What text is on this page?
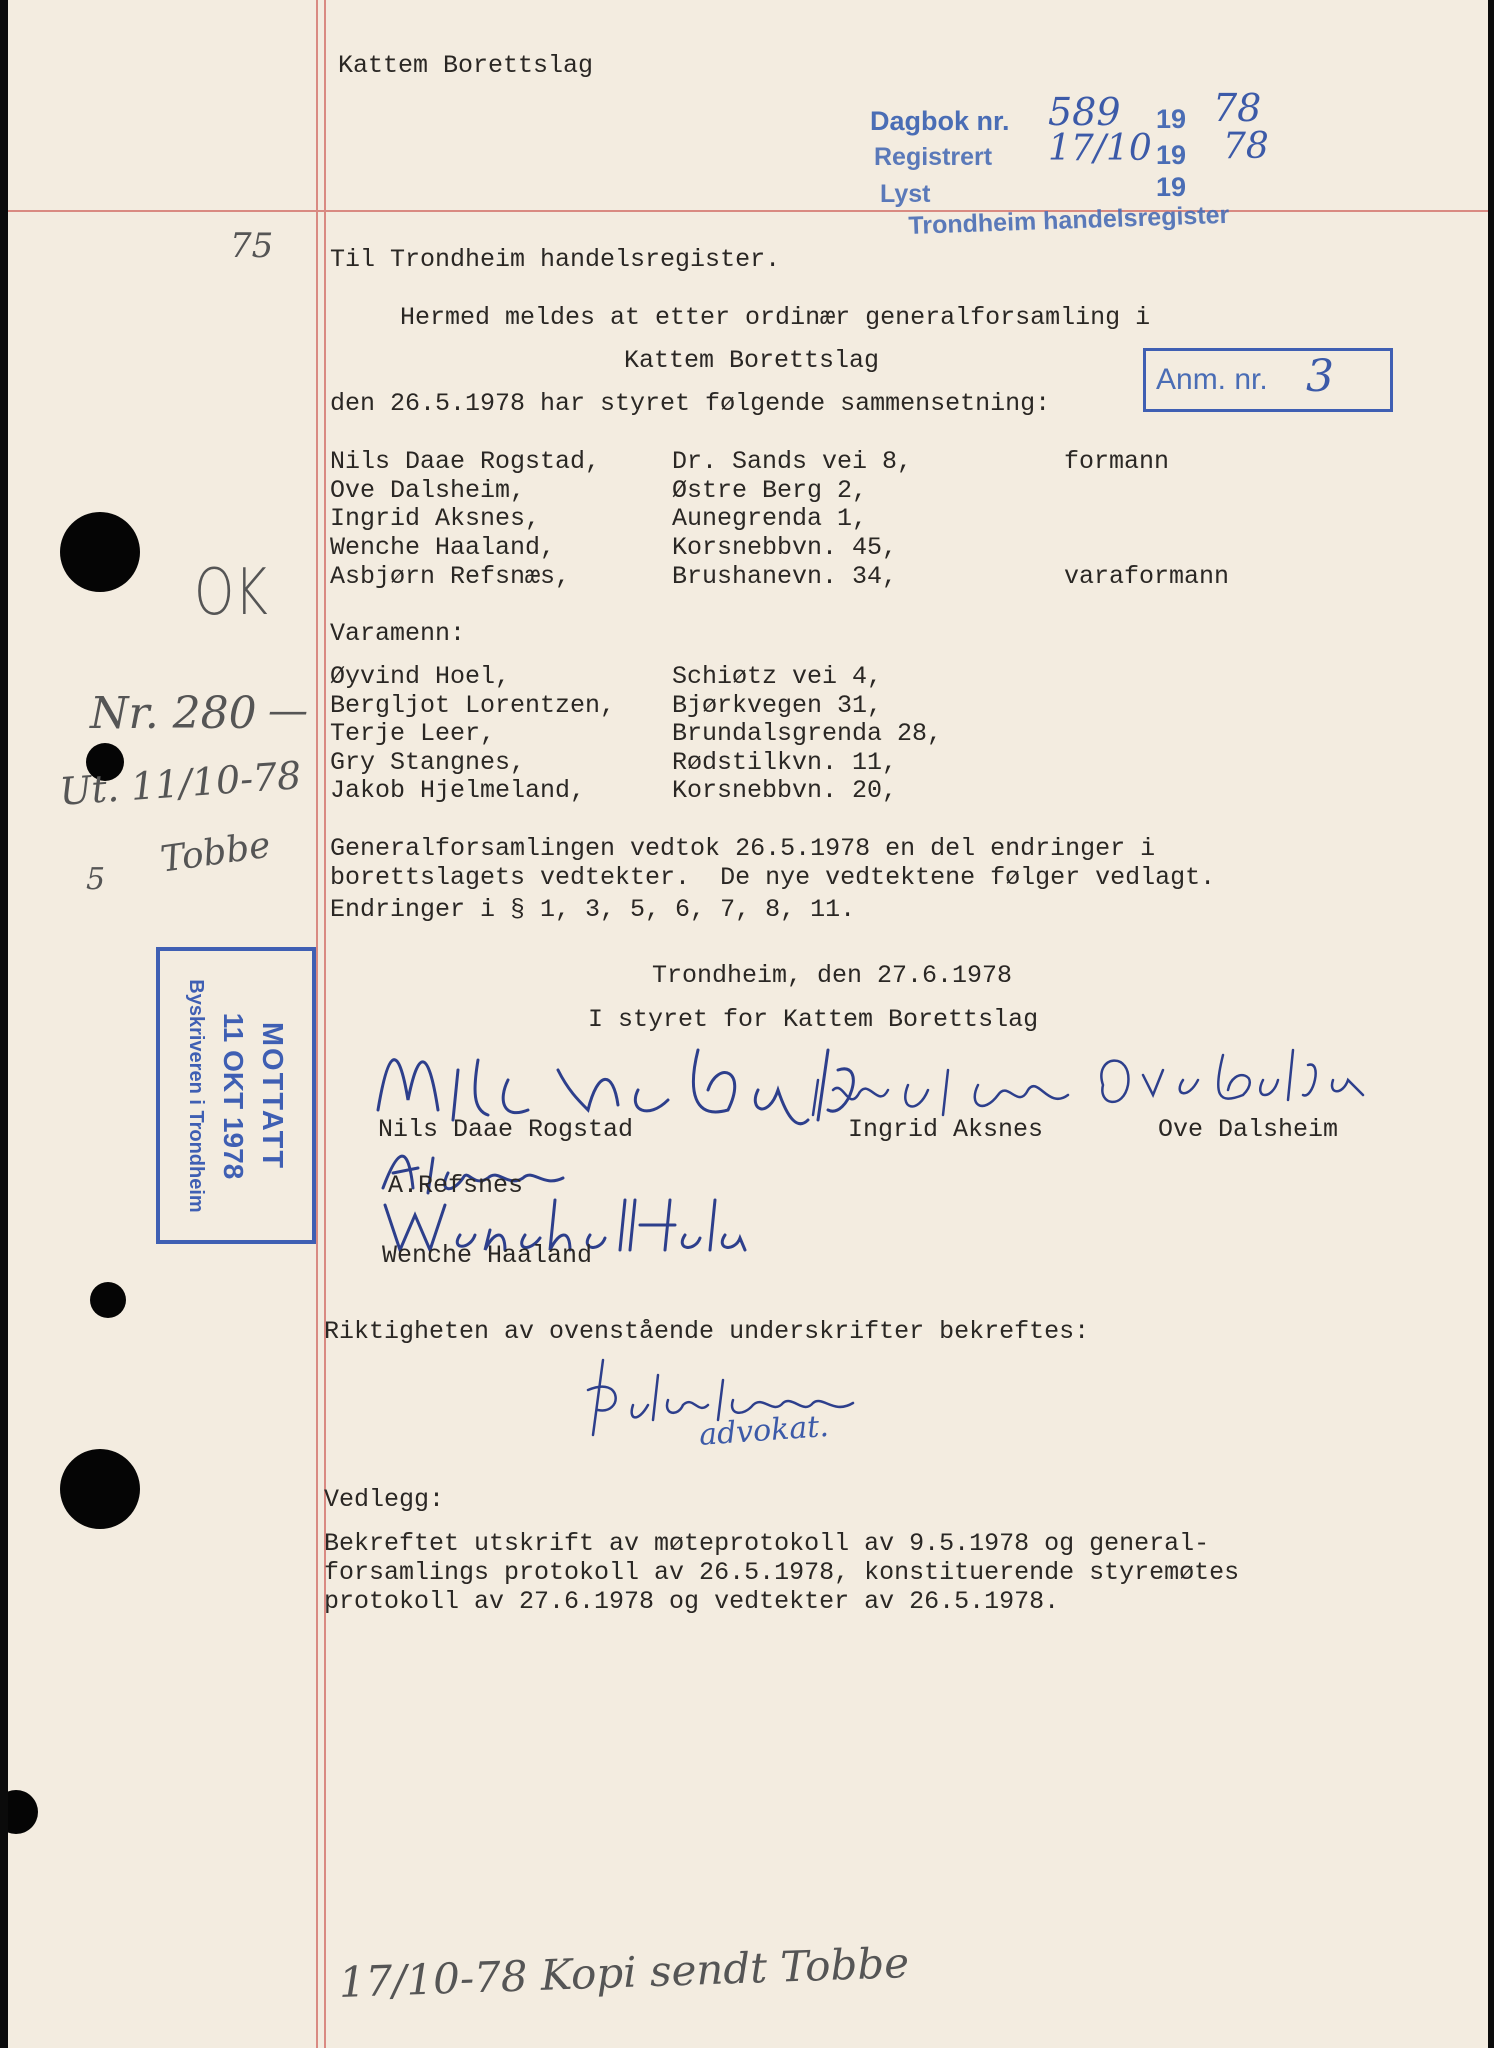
Kattem Borettslag
Dagbok nr. 589 19 78
Registrert 17/10 19 78
Lyst	19
Trondheim handelsregister
Anm. nr. 3
75
OK
Nr. 280 —
Ut. 11/10-78
5 Tobbe
MOTTATT
11 OKT 1978
Byskriveren i Trondheim
Til Trondheim handelsregister.
Hermed meldes at etter ordinær generalforsamling i
Kattem Borettslag
den 26.5.1978 har styret følgende sammensetning:
Nils Daae Rogstad,	Dr. Sands vei 8,	formann
Ove Dalsheim,	Østre Berg 2,
Ingrid Aksnes,	Aunegrenda 1,
Wenche Haaland,	Korsnebbvn. 45,
Asbjørn Refsnæs,	Brushanevn. 34,	varaformann
Varamenn:
Øyvind Hoel,	Schiøtz vei 4,
Bergljot Lorentzen, Bjørkvegen 31,
Terje Leer,	Brundalsgrenda 28,
Gry Stangnes,	Rødstilkvn. 11,
Jakob Hjelmeland,	Korsnebbvn. 20,
Generalforsamlingen vedtok 26.5.1978 en del endringer i
borettslagets vedtekter.  De nye vedtektene følger vedlagt.
Endringer i § 1, 3, 5, 6, 7, 8, 11.
Trondheim, den 27.6.1978
I styret for Kattem Borettslag
Nils Daae Rogstad	Ingrid Aksnes	Ove Dalsheim
A.Refsnes
Wenche Haaland
Riktigheten av ovenstående underskrifter bekreftes:
advokat.
Vedlegg:
Bekreftet utskrift av møteprotokoll av 9.5.1978 og general-
forsamlings protokoll av 26.5.1978, konstituerende styremøtes
protokoll av 27.6.1978 og vedtekter av 26.5.1978.
17/10-78 Kopi sendt Tobbe
